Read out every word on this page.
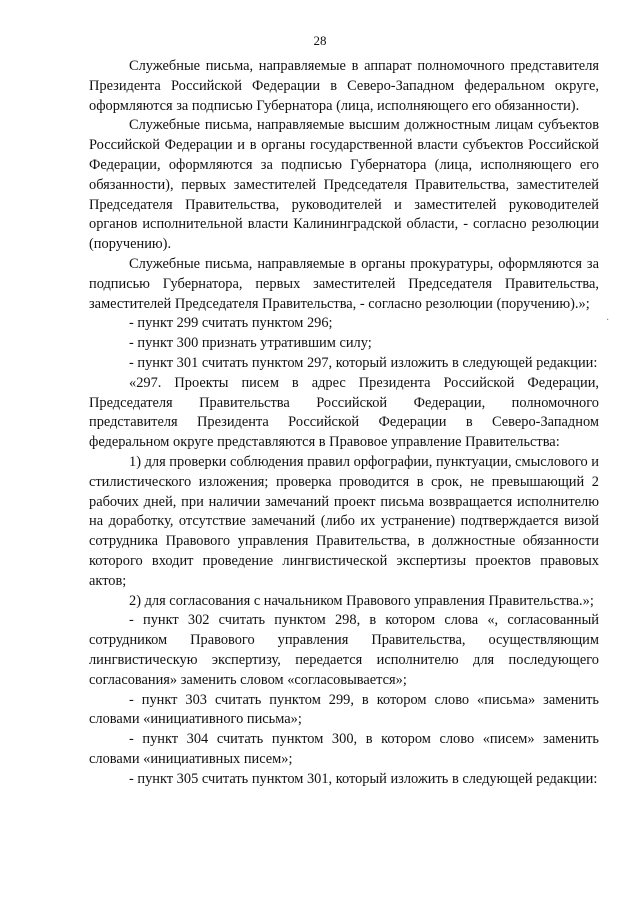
28

Служебные письма, направляемые в аппарат полномочного представителя Президента Российской Федерации в Северо-Западном федеральном округе, оформляются за подписью Губернатора (лица, исполняющего его обязанности).

Служебные письма, направляемые высшим должностным лицам субъектов Российской Федерации и в органы государственной власти субъектов Российской Федерации, оформляются за подписью Губернатора (лица, исполняющего его обязанности), первых заместителей Председателя Правительства, заместителей Председателя Правительства, руководителей и заместителей руководителей органов исполнительной власти Калининградской области, - согласно резолюции (поручению).

Служебные письма, направляемые в органы прокуратуры, оформляются за подписью Губернатора, первых заместителей Председателя Правительства, заместителей Председателя Правительства, - согласно резолюции (поручению).»;

- пункт 299 считать пунктом 296;

- пункт 300 признать утратившим силу;

- пункт 301 считать пунктом 297, который изложить в следующей редакции:

«297. Проекты писем в адрес Президента Российской Федерации, Председателя Правительства Российской Федерации, полномочного представителя Президента Российской Федерации в Северо-Западном федеральном округе представляются в Правовое управление Правительства:

1) для проверки соблюдения правил орфографии, пунктуации, смыслового и стилистического изложения; проверка проводится в срок, не превышающий 2 рабочих дней, при наличии замечаний проект письма возвращается исполнителю на доработку, отсутствие замечаний (либо их устранение) подтверждается визой сотрудника Правового управления Правительства, в должностные обязанности которого входит проведение лингвистической экспертизы проектов правовых актов;

2) для согласования с начальником Правового управления Правительства.»;

- пункт 302 считать пунктом 298, в котором слова «, согласованный сотрудником Правового управления Правительства, осуществляющим лингвистическую экспертизу, передается исполнителю для последующего согласования» заменить словом «согласовывается»;

- пункт 303 считать пунктом 299, в котором слово «письма» заменить словами «инициативного письма»;

- пункт 304 считать пунктом 300, в котором слово «писем» заменить словами «инициативных писем»;

- пункт 305 считать пунктом 301, который изложить в следующей редакции:

·
